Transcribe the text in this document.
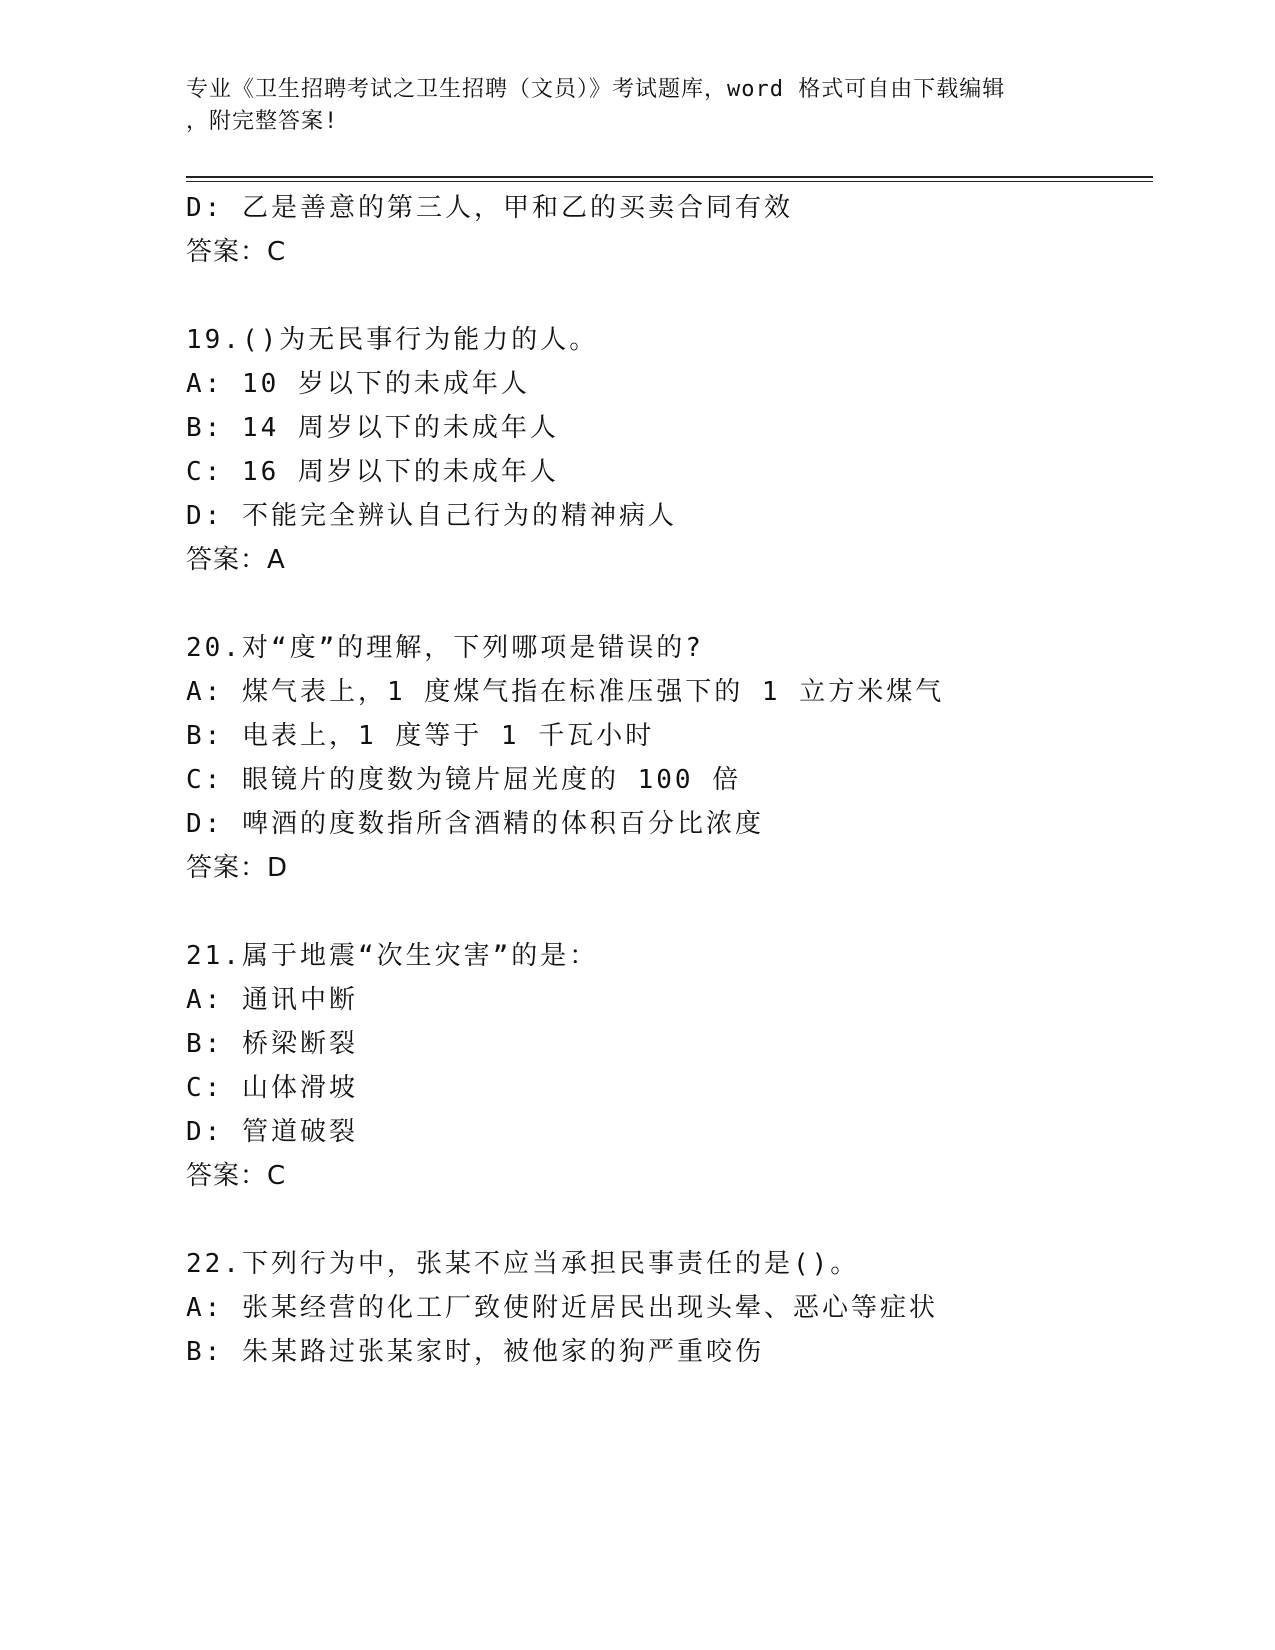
专业《卫生招聘考试之卫生招聘（文员）》考试题库，word 格式可自由下载编辑
，附完整答案!
D: 乙是善意的第三人，甲和乙的买卖合同有效
答案：C
19.()为无民事行为能力的人。
A: 10 岁以下的未成年人
B: 14 周岁以下的未成年人
C: 16 周岁以下的未成年人
D: 不能完全辨认自己行为的精神病人
答案：A
20.对“度”的理解，下列哪项是错误的?
A: 煤气表上，1 度煤气指在标准压强下的 1 立方米煤气
B: 电表上，1 度等于 1 千瓦小时
C: 眼镜片的度数为镜片屈光度的 100 倍
D: 啤酒的度数指所含酒精的体积百分比浓度
答案：D
21.属于地震“次生灾害”的是：
A: 通讯中断
B: 桥梁断裂
C: 山体滑坡
D: 管道破裂
答案：C
22.下列行为中，张某不应当承担民事责任的是()。
A: 张某经营的化工厂致使附近居民出现头晕、恶心等症状
B: 朱某路过张某家时，被他家的狗严重咬伤
